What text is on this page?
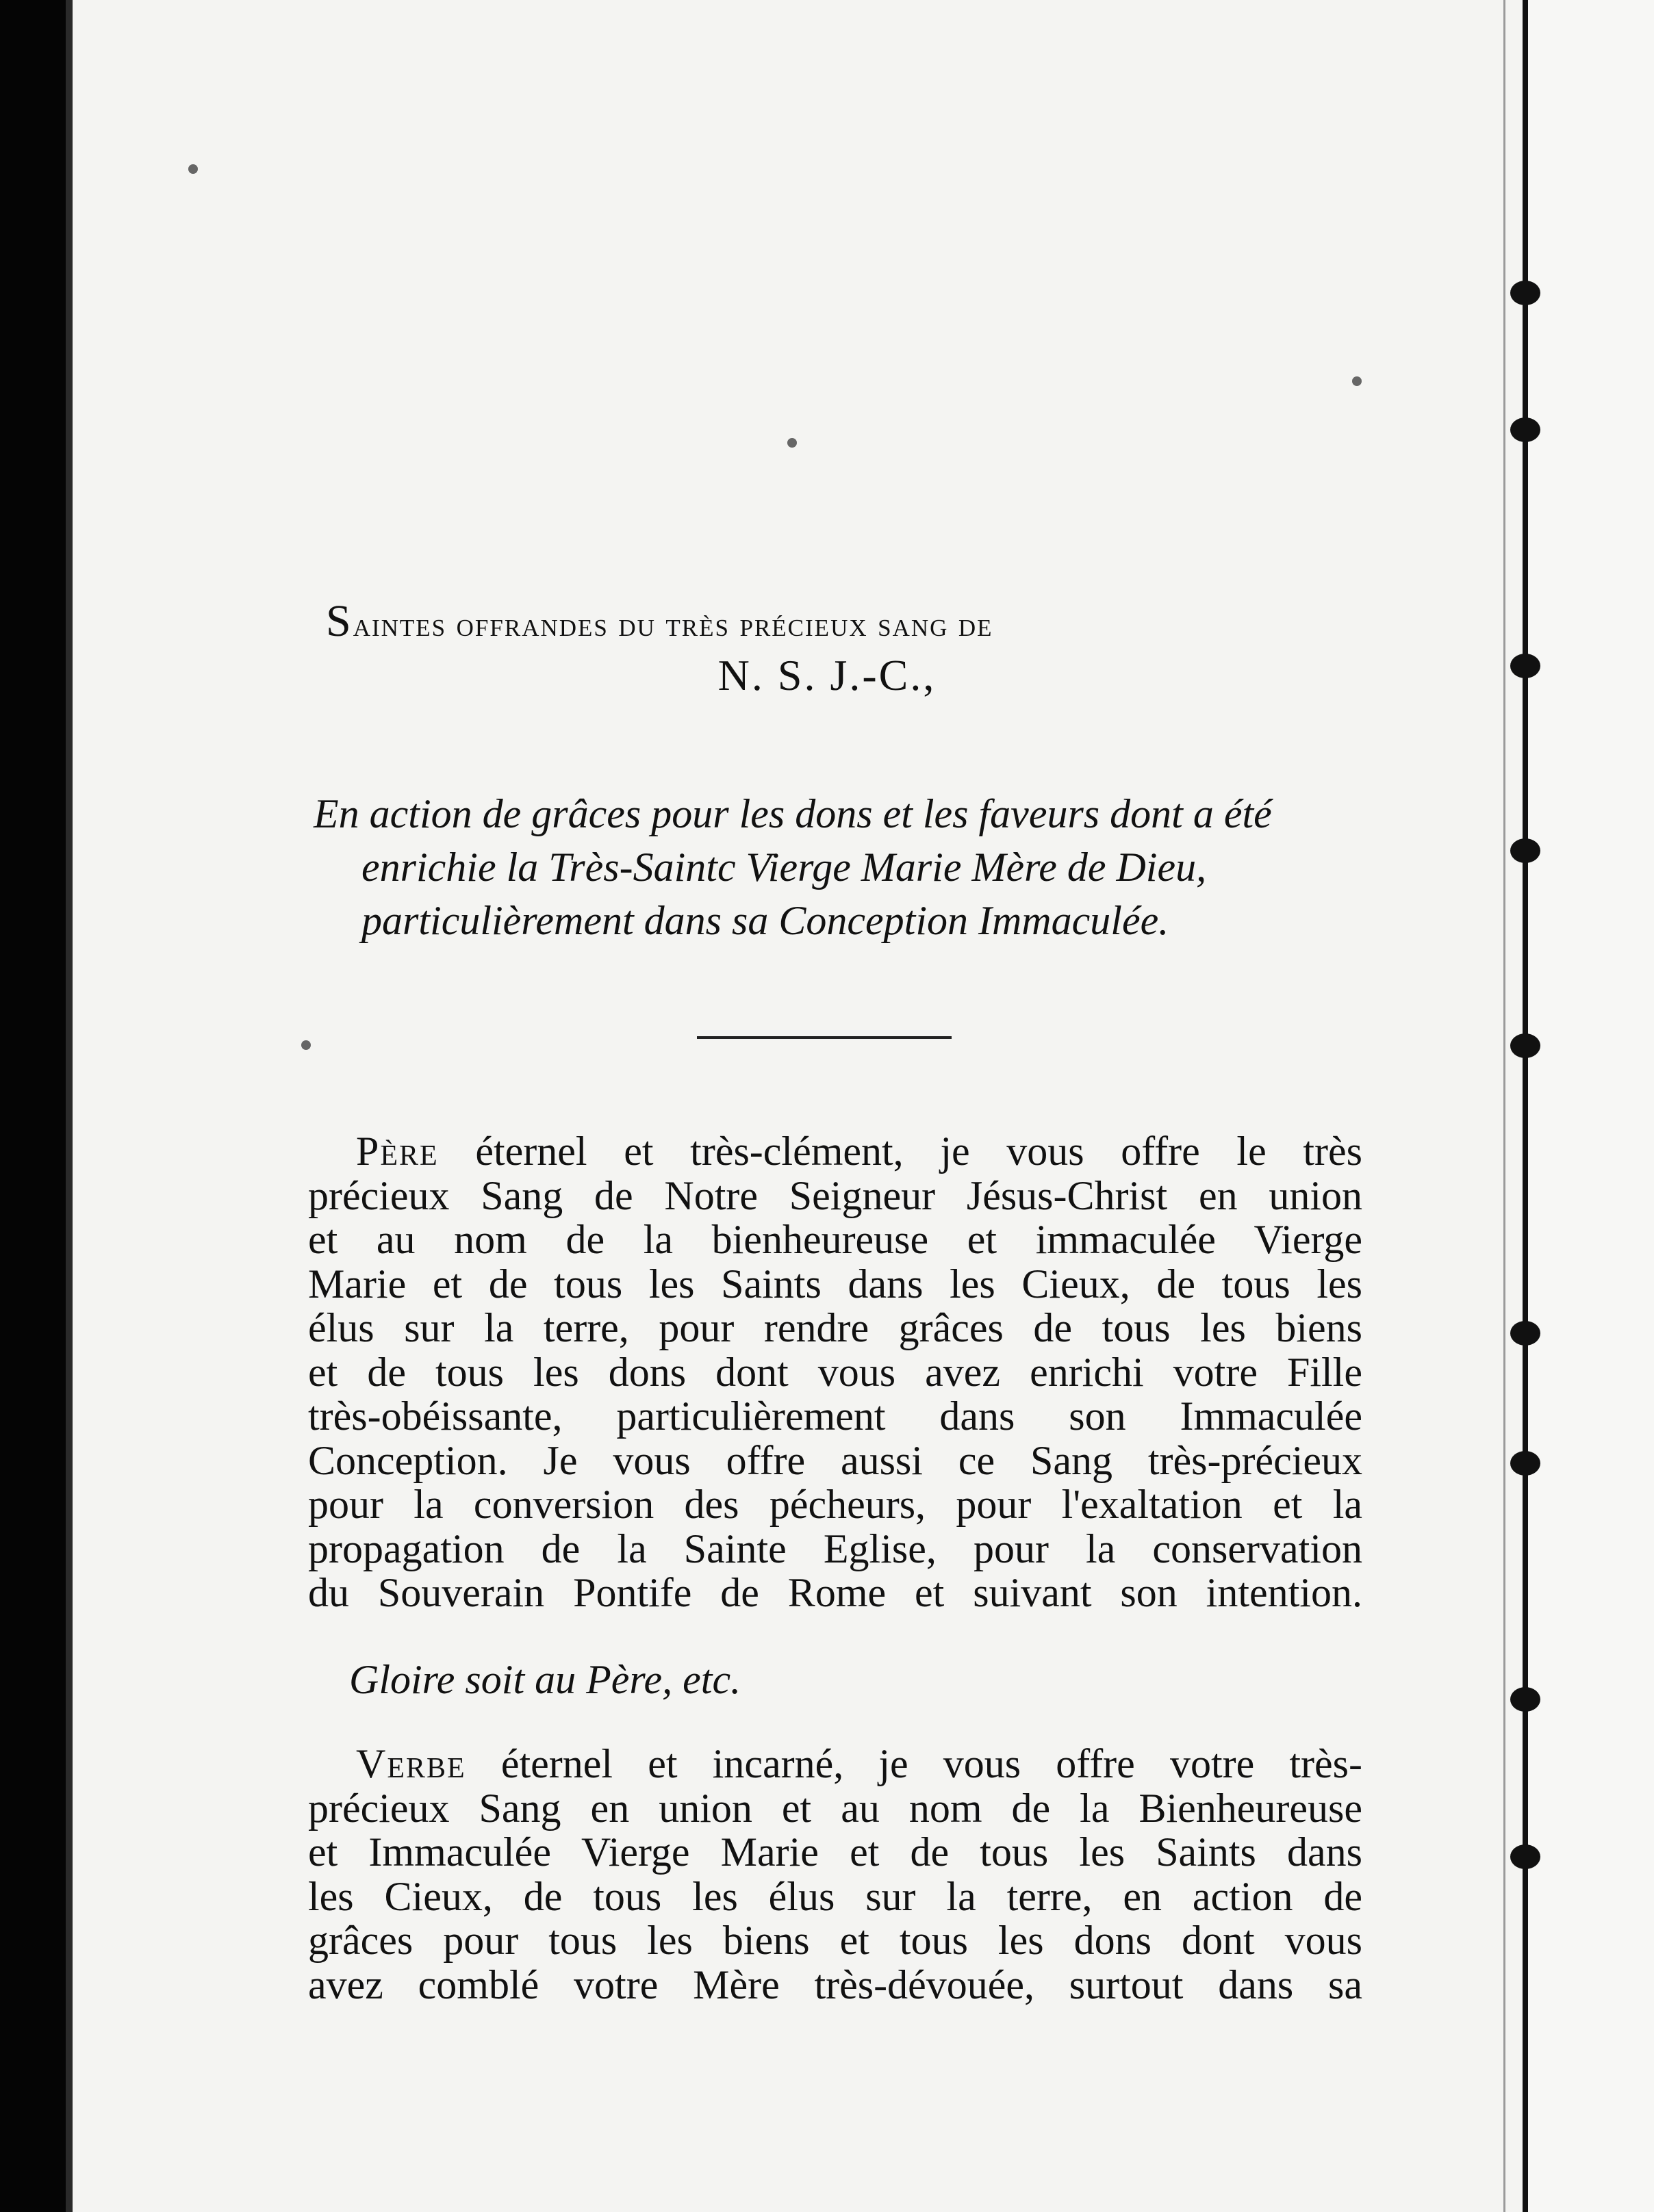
Saintes offrandes du très précieux sang de
N. S. J.-C.,
En action de grâces pour les dons et les faveurs dont a été
enrichie la Très-Saintc Vierge Marie Mère de Dieu,
particulièrement dans sa Conception Immaculée.
Père éternel et très-clément, je vous offre le très
précieux Sang de Notre Seigneur Jésus-Christ en union
et au nom de la bienheureuse et immaculée Vierge
Marie et de tous les Saints dans les Cieux, de tous les
élus sur la terre, pour rendre grâces de tous les biens
et de tous les dons dont vous avez enrichi votre Fille
très-obéissante, particulièrement dans son Immaculée
Conception. Je vous offre aussi ce Sang très-précieux
pour la conversion des pécheurs, pour l'exaltation et la
propagation de la Sainte Eglise, pour la conservation
du Souverain Pontife de Rome et suivant son intention.
Gloire soit au Père, etc.
Verbe éternel et incarné, je vous offre votre très-
précieux Sang en union et au nom de la Bienheureuse
et Immaculée Vierge Marie et de tous les Saints dans
les Cieux, de tous les élus sur la terre, en action de
grâces pour tous les biens et tous les dons dont vous
avez comblé votre Mère très-dévouée, surtout dans sa
